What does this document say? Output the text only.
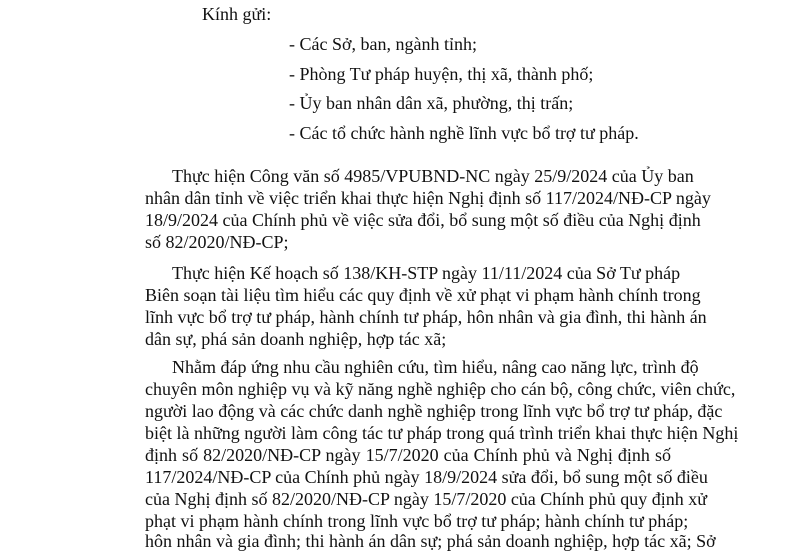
Kính gửi:
- Các Sở, ban, ngành tỉnh;
- Phòng Tư pháp huyện, thị xã, thành phố;
- Ủy ban nhân dân xã, phường, thị trấn;
- Các tổ chức hành nghề lĩnh vực bổ trợ tư pháp.
Thực hiện Công văn số 4985/VPUBND-NC ngày 25/9/2024 của Ủy ban
nhân dân tỉnh về việc triển khai thực hiện Nghị định số 117/2024/NĐ-CP ngày
18/9/2024 của Chính phủ về việc sửa đổi, bổ sung một số điều của Nghị định
số 82/2020/NĐ-CP;
Thực hiện Kế hoạch số 138/KH-STP ngày 11/11/2024 của Sở Tư pháp
Biên soạn tài liệu tìm hiểu các quy định về xử phạt vi phạm hành chính trong
lĩnh vực bổ trợ tư pháp, hành chính tư pháp, hôn nhân và gia đình, thi hành án
dân sự, phá sản doanh nghiệp, hợp tác xã;
Nhằm đáp ứng nhu cầu nghiên cứu, tìm hiểu, nâng cao năng lực, trình độ
chuyên môn nghiệp vụ và kỹ năng nghề nghiệp cho cán bộ, công chức, viên chức,
người lao động và các chức danh nghề nghiệp trong lĩnh vực bổ trợ tư pháp, đặc
biệt là những người làm công tác tư pháp trong quá trình triển khai thực hiện Nghị
định số 82/2020/NĐ-CP ngày 15/7/2020 của Chính phủ và Nghị định số
117/2024/NĐ-CP của Chính phủ ngày 18/9/2024 sửa đổi, bổ sung một số điều
của Nghị định số 82/2020/NĐ-CP ngày 15/7/2020 của Chính phủ quy định xử
phạt vi phạm hành chính trong lĩnh vực bổ trợ tư pháp; hành chính tư pháp;
hôn nhân và gia đình; thi hành án dân sự; phá sản doanh nghiệp, hợp tác xã; Sở
